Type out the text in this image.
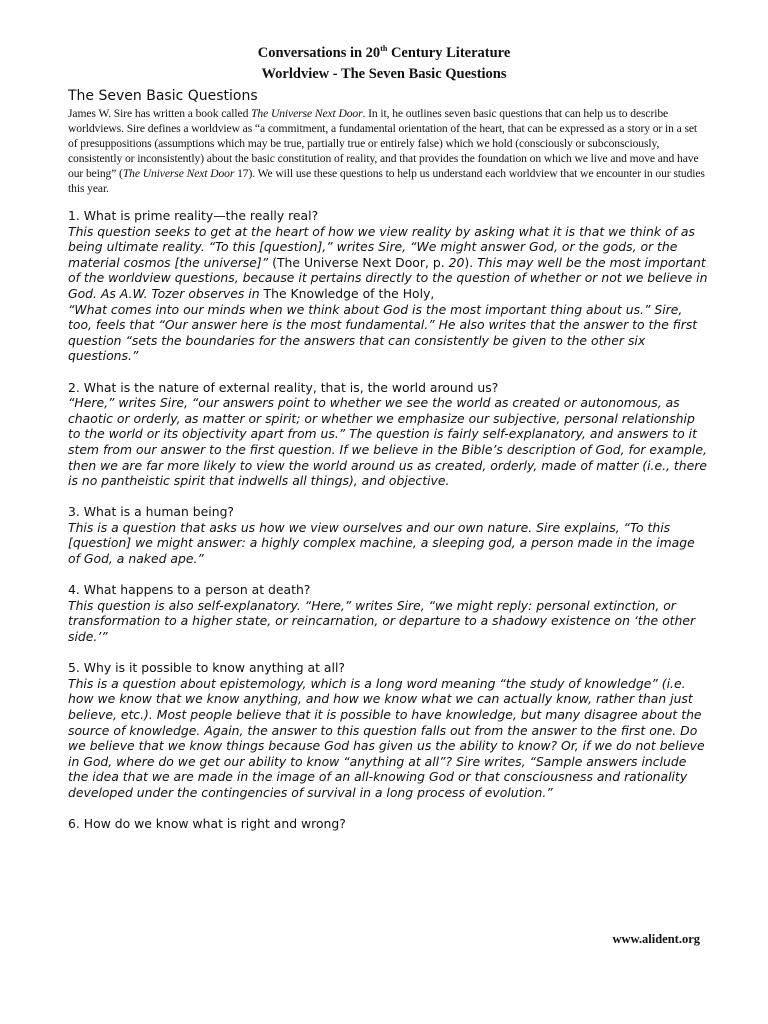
Conversations in 20th Century Literature
Worldview - The Seven Basic Questions
The Seven Basic Questions

James W. Sire has written a book called The Universe Next Door. In it, he outlines seven basic questions that can help us to describe worldviews. Sire defines a worldview as “a commitment, a fundamental orientation of the heart, that can be expressed as a story or in a set of presuppositions (assumptions which may be true, partially true or entirely false) which we hold (consciously or subconsciously, consistently or inconsistently) about the basic constitution of reality, and that provides the foundation on which we live and move and have our being” (The Universe Next Door 17). We will use these questions to help us understand each worldview that we encounter in our studies this year.

1. What is prime reality—the really real?

This question seeks to get at the heart of how we view reality by asking what it is that we think of as being ultimate reality. “To this [question],” writes Sire, “We might answer God, or the gods, or the material cosmos [the universe]” (The Universe Next Door, p. 20). This may well be the most important of the worldview questions, because it pertains directly to the question of whether or not we believe in God. As A.W. Tozer observes in The Knowledge of the Holy,
“What comes into our minds when we think about God is the most important thing about us.” Sire, too, feels that “Our answer here is the most fundamental.” He also writes that the answer to the first question “sets the boundaries for the answers that can consistently be given to the other six questions.”

2. What is the nature of external reality, that is, the world around us?

“Here,” writes Sire, “our answers point to whether we see the world as created or autonomous, as chaotic or orderly, as matter or spirit; or whether we emphasize our subjective, personal relationship to the world or its objectivity apart from us.” The question is fairly self-explanatory, and answers to it stem from our answer to the first question. If we believe in the Bible’s description of God, for example, then we are far more likely to view the world around us as created, orderly, made of matter (i.e., there is no pantheistic spirit that indwells all things), and objective.

3. What is a human being?

This is a question that asks us how we view ourselves and our own nature. Sire explains, “To this [question] we might answer: a highly complex machine, a sleeping god, a person made in the image of God, a naked ape.”

4. What happens to a person at death?

This question is also self-explanatory. “Here,” writes Sire, “we might reply: personal extinction, or transformation to a higher state, or reincarnation, or departure to a shadowy existence on ‘the other side.’”

5. Why is it possible to know anything at all?

This is a question about epistemology, which is a long word meaning “the study of knowledge” (i.e. how we know that we know anything, and how we know what we can actually know, rather than just believe, etc.). Most people believe that it is possible to have knowledge, but many disagree about the source of knowledge. Again, the answer to this question falls out from the answer to the first one. Do we believe that we know things because God has given us the ability to know? Or, if we do not believe in God, where do we get our ability to know “anything at all”? Sire writes, “Sample answers include the idea that we are made in the image of an all-knowing God or that consciousness and rationality developed under the contingencies of survival in a long process of evolution.”

6. How do we know what is right and wrong?

www.alident.org
